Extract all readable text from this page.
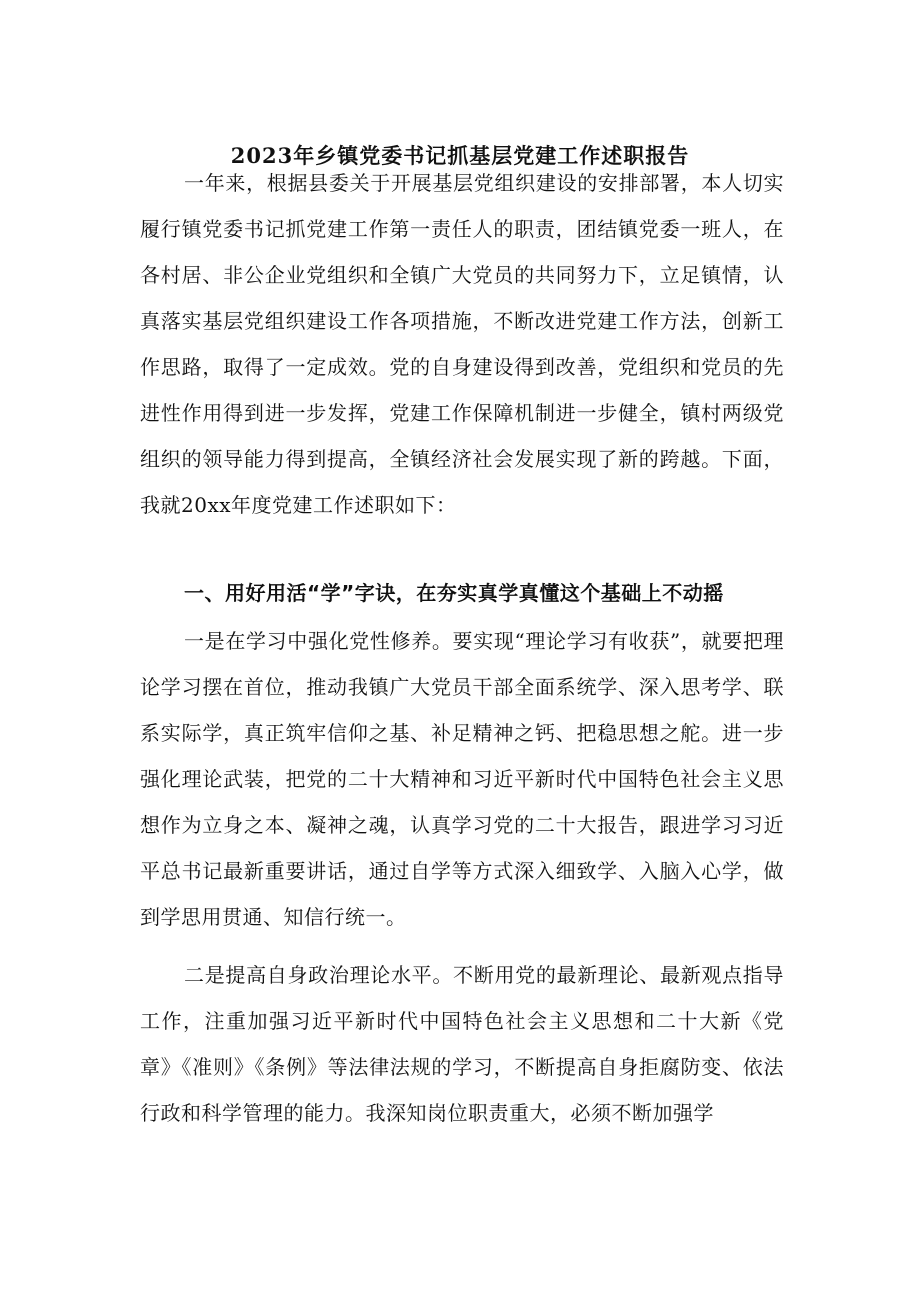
2023年乡镇党委书记抓基层党建工作述职报告

一年来，根据县委关于开展基层党组织建设的安排部署，本人切实履行镇党委书记抓党建工作第一责任人的职责，团结镇党委一班人，在各村居、非公企业党组织和全镇广大党员的共同努力下，立足镇情，认真落实基层党组织建设工作各项措施，不断改进党建工作方法，创新工作思路，取得了一定成效。党的自身建设得到改善，党组织和党员的先进性作用得到进一步发挥，党建工作保障机制进一步健全，镇村两级党组织的领导能力得到提高，全镇经济社会发展实现了新的跨越。下面，我就20xx年度党建工作述职如下：

一、用好用活“学”字诀，在夯实真学真懂这个基础上不动摇

一是在学习中强化党性修养。要实现“理论学习有收获”，就要把理论学习摆在首位，推动我镇广大党员干部全面系统学、深入思考学、联系实际学，真正筑牢信仰之基、补足精神之钙、把稳思想之舵。进一步强化理论武装，把党的二十大精神和习近平新时代中国特色社会主义思想作为立身之本、凝神之魂，认真学习党的二十大报告，跟进学习习近平总书记最新重要讲话，通过自学等方式深入细致学、入脑入心学，做到学思用贯通、知信行统一。

二是提高自身政治理论水平。不断用党的最新理论、最新观点指导工作，注重加强习近平新时代中国特色社会主义思想和二十大新《党章》《准则》《条例》等法律法规的学习，不断提高自身拒腐防变、依法行政和科学管理的能力。我深知岗位职责重大，必须不断加强学
